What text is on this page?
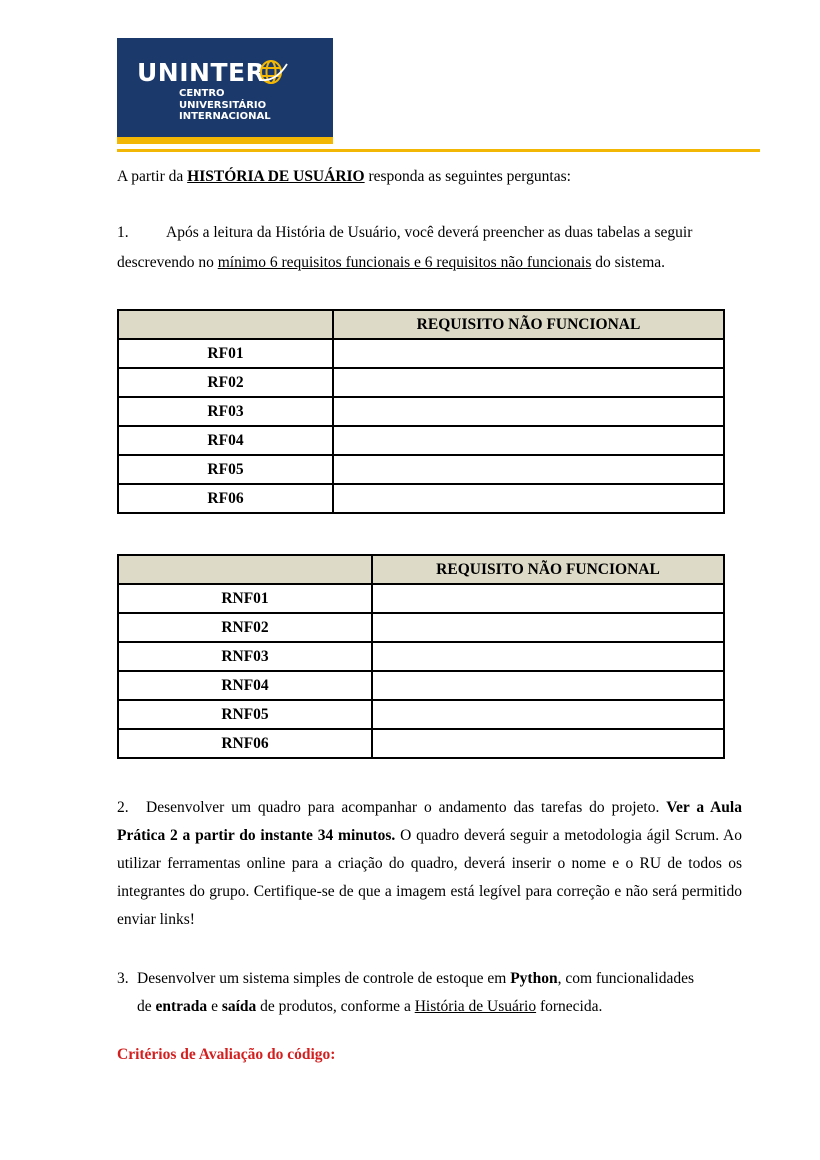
UNINTER
CENTRO
UNIVERSITÁRIO
INTERNACIONAL

A partir da HISTÓRIA DE USUÁRIO responda as seguintes perguntas:

1. Após a leitura da História de Usuário, você deverá preencher as duas tabelas a seguir

descrevendo no mínimo 6 requisitos funcionais e 6 requisitos não funcionais do sistema.

	REQUISITO NÃO FUNCIONAL
RF01	
RF02	
RF03	
RF04	
RF05	
RF06	
	REQUISITO NÃO FUNCIONAL
RNF01	
RNF02	
RNF03	
RNF04	
RNF05	
RNF06	

2. Desenvolver um quadro para acompanhar o andamento das tarefas do projeto. Ver a Aula Prática 2 a partir do instante 34 minutos. O quadro deverá seguir a metodologia ágil Scrum. Ao utilizar ferramentas online para a criação do quadro, deverá inserir o nome e o RU de todos os integrantes do grupo. Certifique-se de que a imagem está legível para correção e não será permitido enviar links!

3. Desenvolver um sistema simples de controle de estoque em Python, com funcionalidades

de entrada e saída de produtos, conforme a História de Usuário fornecida.

Critérios de Avaliação do código:
